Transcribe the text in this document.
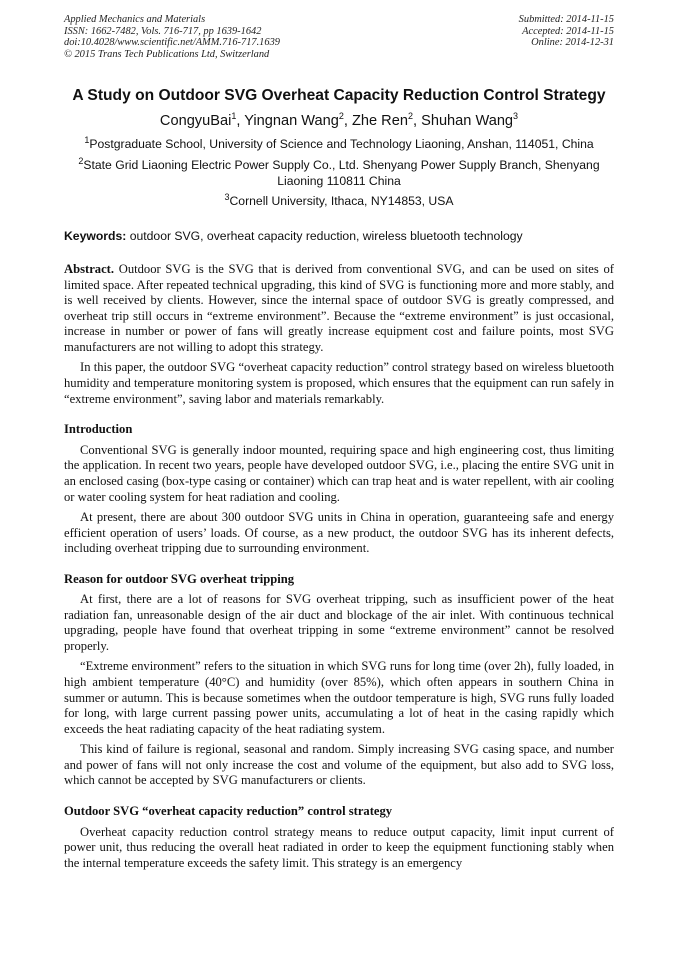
Applied Mechanics and Materials
ISSN: 1662-7482, Vols. 716-717, pp 1639-1642
doi:10.4028/www.scientific.net/AMM.716-717.1639
© 2015 Trans Tech Publications Ltd, Switzerland
Submitted: 2014-11-15
Accepted: 2014-11-15
Online: 2014-12-31
A Study on Outdoor SVG Overheat Capacity Reduction Control Strategy
CongyuBai$^1$, Yingnan Wang$^2$, Zhe Ren$^2$, Shuhan Wang$^3$
$^1$Postgraduate School, University of Science and Technology Liaoning, Anshan, 114051, China
$^2$State Grid Liaoning Electric Power Supply Co., Ltd. Shenyang Power Supply Branch, Shenyang Liaoning 110811 China
$^3$Cornell University, Ithaca, NY14853, USA
Keywords: outdoor SVG, overheat capacity reduction, wireless bluetooth technology

Abstract. Outdoor SVG is the SVG that is derived from conventional SVG, and can be used on sites of limited space. After repeated technical upgrading, this kind of SVG is functioning more and more stably, and is well received by clients. However, since the internal space of outdoor SVG is greatly compressed, and overheat trip still occurs in “extreme environment”. Because the “extreme environment” is just occasional, increase in number or power of fans will greatly increase equipment cost and failure points, most SVG manufacturers are not willing to adopt this strategy.

In this paper, the outdoor SVG “overheat capacity reduction” control strategy based on wireless bluetooth humidity and temperature monitoring system is proposed, which ensures that the equipment can run safely in “extreme environment”, saving labor and materials remarkably.

Introduction

Conventional SVG is generally indoor mounted, requiring space and high engineering cost, thus limiting the application. In recent two years, people have developed outdoor SVG, i.e., placing the entire SVG unit in an enclosed casing (box-type casing or container) which can trap heat and is water repellent, with air cooling or water cooling system for heat radiation and cooling.

At present, there are about 300 outdoor SVG units in China in operation, guaranteeing safe and energy efficient operation of users’ loads. Of course, as a new product, the outdoor SVG has its inherent defects, including overheat tripping due to surrounding environment.

Reason for outdoor SVG overheat tripping

At first, there are a lot of reasons for SVG overheat tripping, such as insufficient power of the heat radiation fan, unreasonable design of the air duct and blockage of the air inlet. With continuous technical upgrading, people have found that overheat tripping in some “extreme environment” cannot be resolved properly.

“Extreme environment” refers to the situation in which SVG runs for long time (over 2h), fully loaded, in high ambient temperature (40°C) and humidity (over 85%), which often appears in southern China in summer or autumn. This is because sometimes when the outdoor temperature is high, SVG runs fully loaded for long, with large current passing power units, accumulating a lot of heat in the casing rapidly which exceeds the heat radiating capacity of the heat radiating system.

This kind of failure is regional, seasonal and random. Simply increasing SVG casing space, and number and power of fans will not only increase the cost and volume of the equipment, but also add to SVG loss, which cannot be accepted by SVG manufacturers or clients.

Outdoor SVG “overheat capacity reduction” control strategy

Overheat capacity reduction control strategy means to reduce output capacity, limit input current of power unit, thus reducing the overall heat radiated in order to keep the equipment functioning stably when the internal temperature exceeds the safety limit. This strategy is an emergency
